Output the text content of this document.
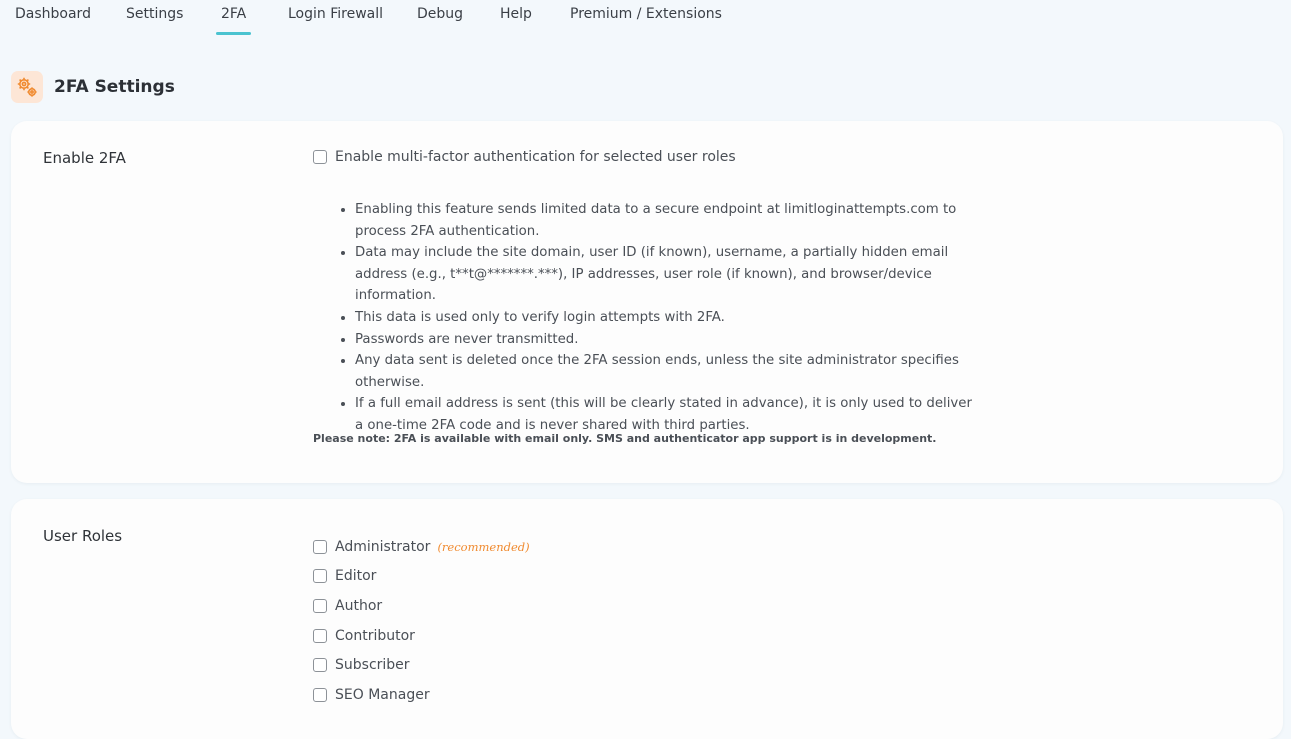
Dashboard	Settings	2FA	Login Firewall Debug	Help	Premium / Extensions
2FA Settings
Enable 2FA	Enable multi-factor authentication for selected user roles
• Enabling this feature sends limited data to a secure endpoint at limitloginattempts.com to process 2FA authentication.
• Data may include the site domain, user ID (if known), username, a partially hidden email address (e.g., t**t@*******.***), IP addresses, user role (if known), and browser/device information.
• This data is used only to verify login attempts with 2FA.
• Passwords are never transmitted.
• Any data sent is deleted once the 2FA session ends, unless the site administrator specifies otherwise.
• If a full email address is sent (this will be clearly stated in advance), it is only used to deliver a one-time 2FA code and is never shared with third parties.
Please note: 2FA is available with email only. SMS and authenticator app support is in development.
User Roles
Administrator (recommended)
Editor
Author
Contributor
Subscriber
SEO Manager
